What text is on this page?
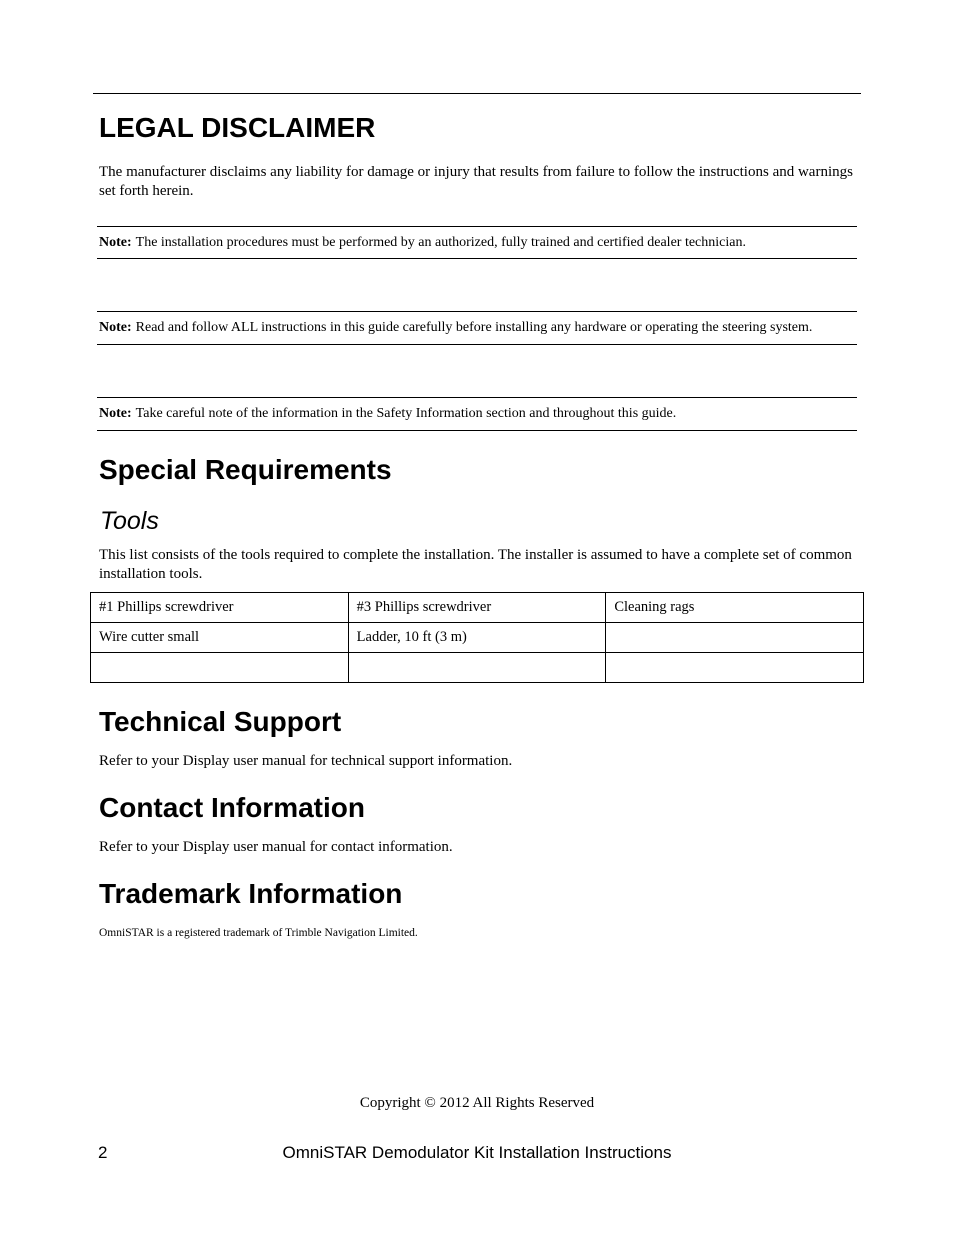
LEGAL DISCLAIMER

The manufacturer disclaims any liability for damage or injury that results from failure to follow the instructions and warnings set forth herein.

Note: The installation procedures must be performed by an authorized, fully trained and certified dealer technician.
Note: Read and follow ALL instructions in this guide carefully before installing any hardware or operating the steering system.
Note: Take careful note of the information in the Safety Information section and throughout this guide.
Special Requirements
Tools

This list consists of the tools required to complete the installation. The installer is assumed to have a complete set of common installation tools.

#1 Phillips screwdriver	#3 Phillips screwdriver	Cleaning rags
Wire cutter small	Ladder, 10 ft (3 m)	

Technical Support

Refer to your Display user manual for technical support information.

Contact Information

Refer to your Display user manual for contact information.

Trademark Information

OmniSTAR is a registered trademark of Trimble Navigation Limited.

Copyright © 2012 All Rights Reserved
2	OmniSTAR Demodulator Kit Installation Instructions
